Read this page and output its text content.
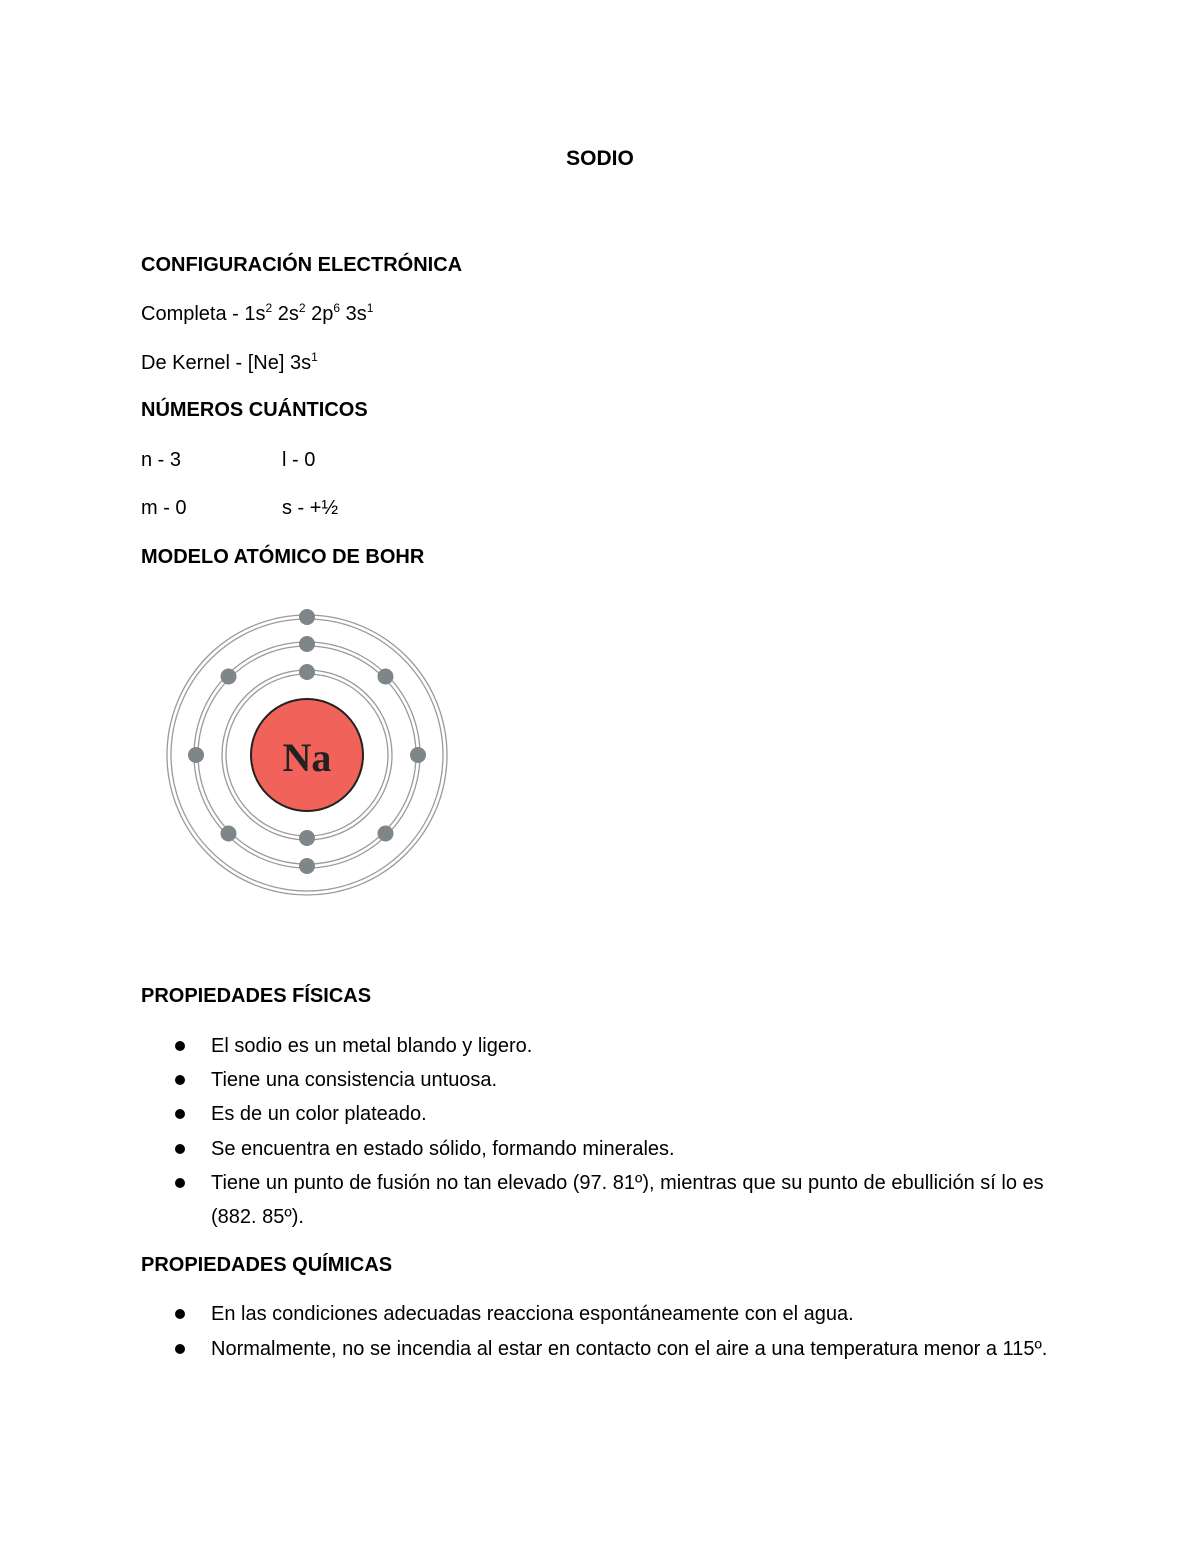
SODIO
CONFIGURACIÓN ELECTRÓNICA
Completa - $1s^2$ $2s^2$ $2p^6$ $3s^1$
De Kernel - [Ne] $3s^1$
NÚMEROS CUÁNTICOS
n - 3	l - 0
m - 0	s - +½
MODELO ATÓMICO DE BOHR
Na
PROPIEDADES FÍSICAS
El sodio es un metal blando y ligero.
Tiene una consistencia untuosa.
Es de un color plateado.
Se encuentra en estado sólido, formando minerales.
Tiene un punto de fusión no tan elevado (97. 81º), mientras que su punto de ebullición sí lo es (882. 85º).
PROPIEDADES QUÍMICAS
En las condiciones adecuadas reacciona espontáneamente con el agua.
Normalmente, no se incendia al estar en contacto con el aire a una temperatura menor a 115º.
